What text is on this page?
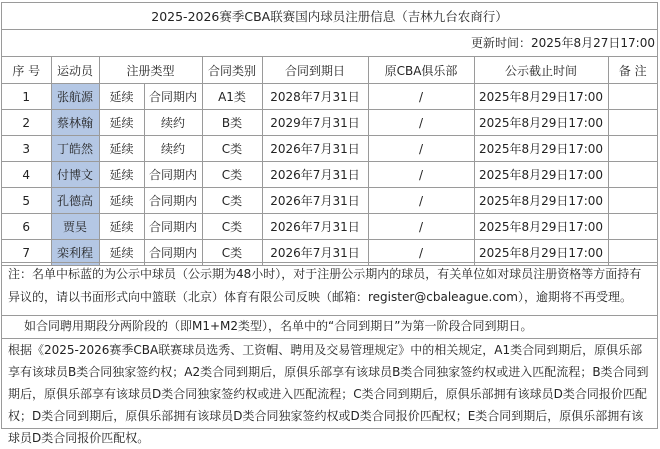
2025-2026赛季CBA联赛国内球员注册信息（吉林九台农商行）
更新时间：2025年8月27日17:00
序 号	运动员	注册类型		合同类别	合同到期日	原CBA俱乐部	公示截止时间	备 注
1	张航源	延续	合同期内	A1类	2028年7月31日	/	2025年8月29日17:00	
2	蔡林翰	延续	续约	B类	2029年7月31日	/	2025年8月29日17:00	
3	丁皓然	延续	续约	C类	2026年7月31日	/	2025年8月29日17:00	
4	付博文	延续	合同期内	C类	2026年7月31日	/	2025年8月29日17:00	
5	孔德高	延续	合同期内	C类	2026年7月31日	/	2025年8月29日17:00	
6	贾昊	延续	合同期内	C类	2026年7月31日	/	2025年8月29日17:00	
7	栾利程	延续	合同期内	C类	2026年7月31日	/	2025年8月29日17:00	
注：名单中标蓝的为公示中球员（公示期为48小时），对于注册公示期内的球员，有关单位如对球员注册资格等方面持有异议的，请以书面形式向中篮联（北京）体育有限公司反映（邮箱：register@cbaleague.com），逾期将不再受理。
如合同聘用期段分两阶段的（即M1+M2类型），名单中的“合同到期日”为第一阶段合同到期日。
根据《2025-2026赛季CBA联赛球员选秀、工资帽、聘用及交易管理规定》中的相关规定，A1类合同到期后，原俱乐部享有该球员B类合同独家签约权；A2类合同到期后，原俱乐部享有该球员B类合同独家签约权或进入匹配流程；B类合同到期后，原俱乐部享有该球员D类合同独家签约权或进入匹配流程；C类合同到期后，原俱乐部拥有该球员D类合同报价匹配权；D类合同到期后，原俱乐部拥有该球员D类合同独家签约权或D类合同报价匹配权；E类合同到期后，原俱乐部拥有该球员D类合同报价匹配权。
